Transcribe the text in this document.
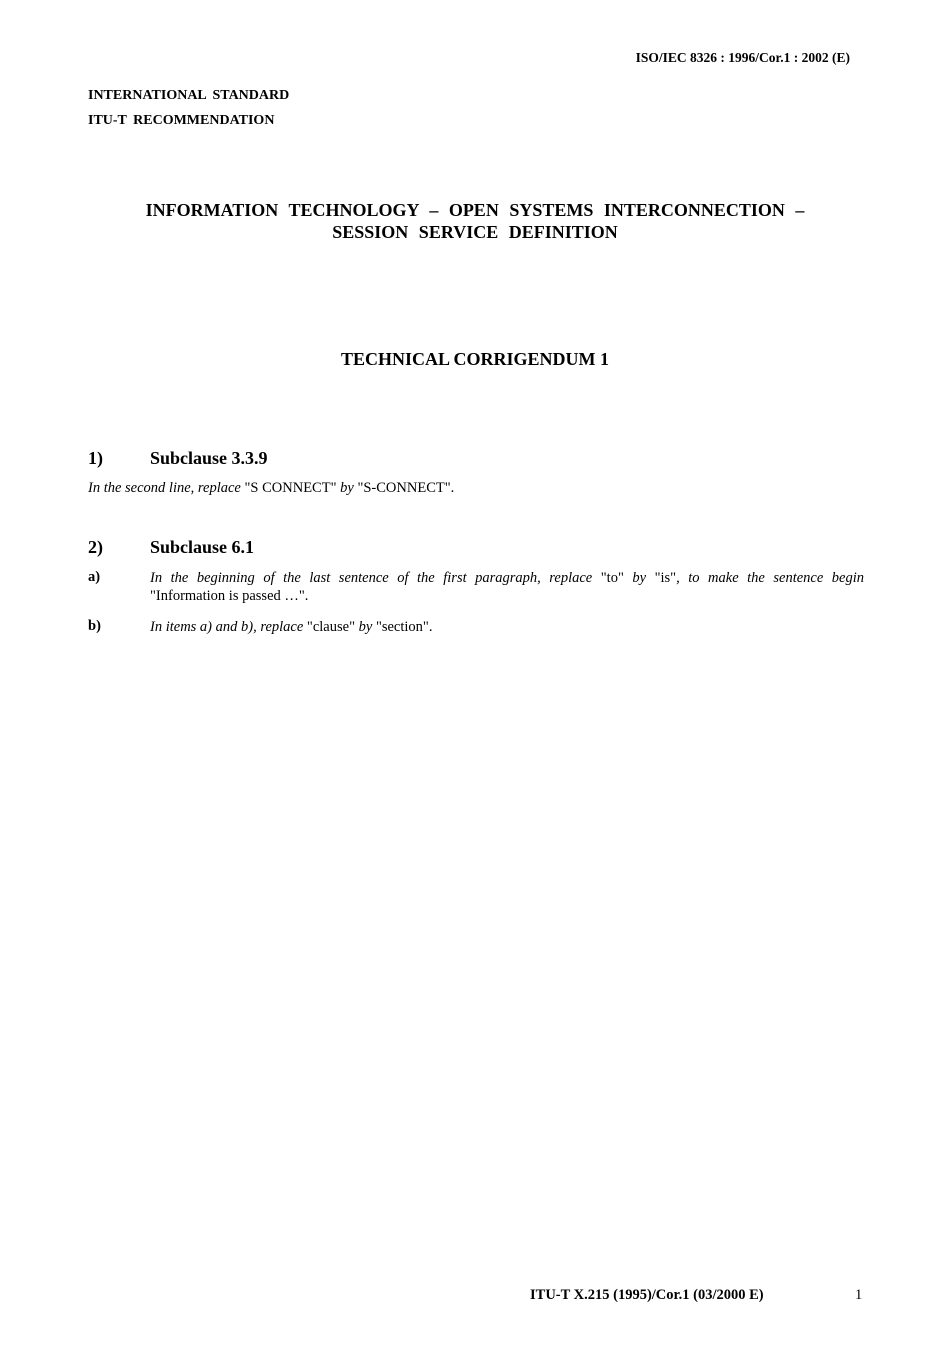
ISO/IEC 8326 : 1996/Cor.1 : 2002 (E)
INTERNATIONAL STANDARD
ITU-T RECOMMENDATION
INFORMATION TECHNOLOGY – OPEN SYSTEMS INTERCONNECTION –
SESSION SERVICE DEFINITION
TECHNICAL CORRIGENDUM 1
1)	Subclause 3.3.9
In the second line, replace "S CONNECT" by "S-CONNECT".
2)	Subclause 6.1
a)	In the beginning of the last sentence of the first paragraph, replace "to" by "is", to make the sentence begin
"Information is passed …".
b)	In items a) and b), replace "clause" by "section".
ITU-T X.215 (1995)/Cor.1 (03/2000 E)	1
